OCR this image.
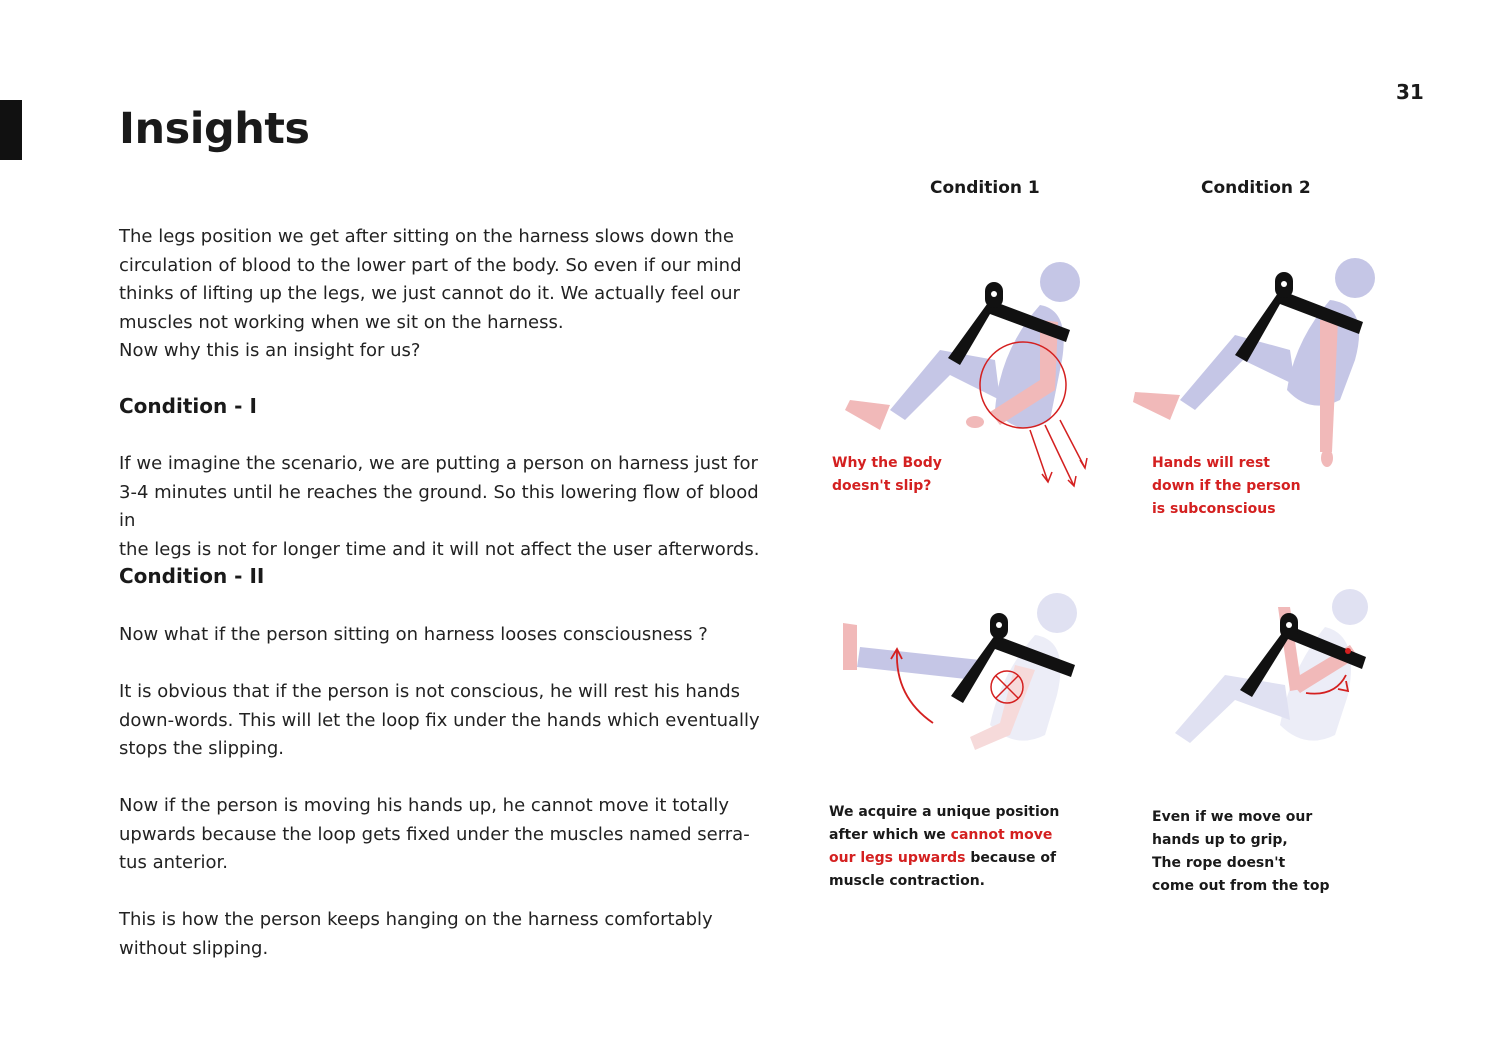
31
Insights
The legs position we get after sitting on the harness slows down the
circulation of blood to the lower part of the body. So even if our mind
thinks of lifting up the legs, we just cannot do it. We actually feel our
muscles not working when we sit on the harness.
Now why this is an insight for us?
Condition - I
If we imagine the scenario, we are putting a person on harness just for
3-4 minutes until he reaches the ground. So this lowering flow of blood in
the legs is not for longer time and it will not affect the user afterwords.
Condition - II
Now what if the person sitting on harness looses consciousness ?
It is obvious that if the person is not conscious, he will rest his hands
down-words. This will let the loop fix under the hands which eventually
stops the slipping.
Now if the person is moving his hands up, he cannot move it totally
upwards because the loop gets fixed under the muscles named serra-
tus anterior.
This is how the person keeps hanging on the harness comfortably
without slipping.
Condition 1	Condition 2
Why the Body
doesn't slip?
Hands will rest
down if the person
is subconscious
We acquire a unique position
after which we cannot move
our legs upwards because of
muscle contraction.
Even if we move our
hands up to grip,
The rope doesn't
come out from the top
